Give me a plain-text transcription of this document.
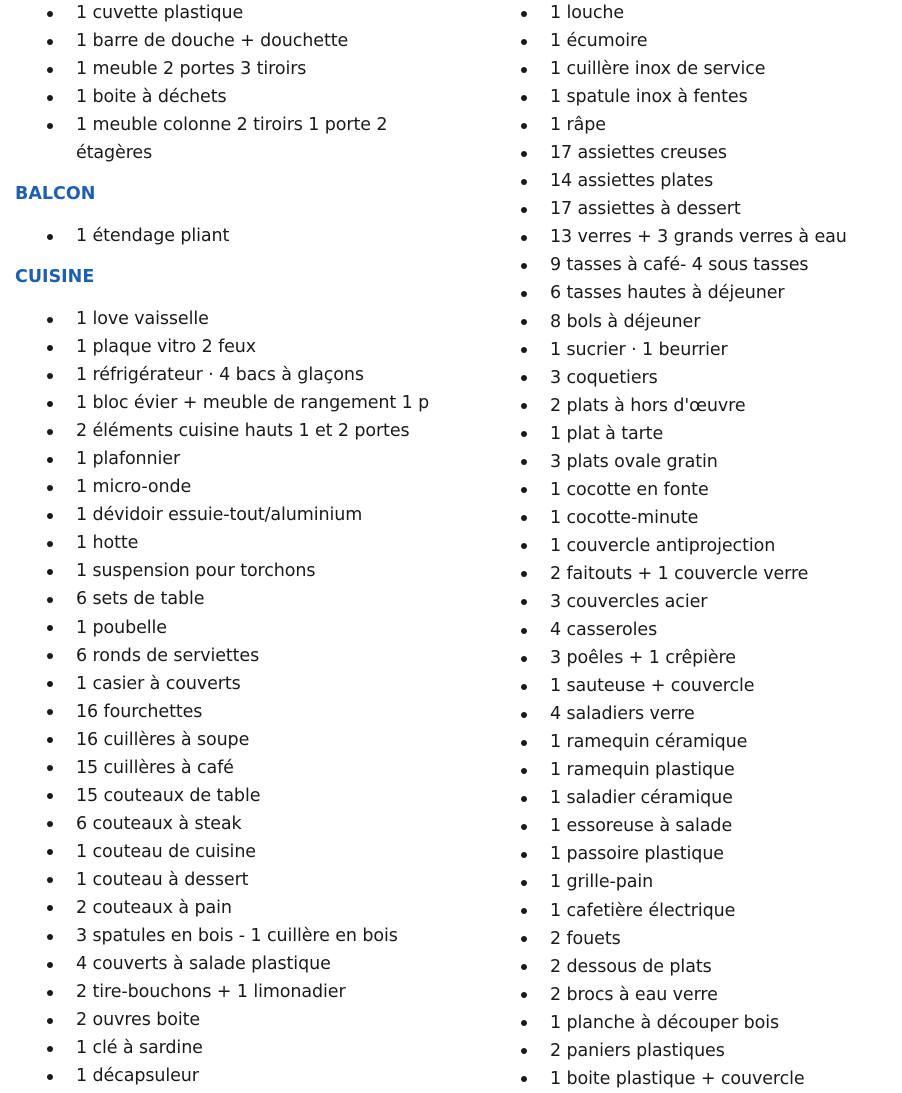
1 cuvette plastique
1 barre de douche + douchette
1 meuble 2 portes 3 tiroirs
1 boite à déchets
1 meuble colonne 2 tiroirs 1 porte 2 étagères
BALCON
1 étendage pliant
CUISINE
1 love vaisselle
1 plaque vitro 2 feux
1 réfrigérateur · 4 bacs à glaçons
1 bloc évier + meuble de rangement 1 p
2 éléments cuisine hauts 1 et 2 portes
1 plafonnier
1 micro-onde
1 dévidoir essuie-tout/aluminium
1 hotte
1 suspension pour torchons
6 sets de table
1 poubelle
6 ronds de serviettes
1 casier à couverts
16 fourchettes
16 cuillères à soupe
15 cuillères à café
15 couteaux de table
6 couteaux à steak
1 couteau de cuisine
1 couteau à dessert
2 couteaux à pain
3 spatules en bois - 1 cuillère en bois
4 couverts à salade plastique
2 tire-bouchons + 1 limonadier
2 ouvres boite
1 clé à sardine
1 décapsuleur
1 louche
1 écumoire
1 cuillère inox de service
1 spatule inox à fentes
1 râpe
17 assiettes creuses
14 assiettes plates
17 assiettes à dessert
13 verres + 3 grands verres à eau
9 tasses à café- 4 sous tasses
6 tasses hautes à déjeuner
8 bols à déjeuner
1 sucrier · 1 beurrier
3 coquetiers
2 plats à hors d'œuvre
1 plat à tarte
3 plats ovale gratin
1 cocotte en fonte
1 cocotte-minute
1 couvercle antiprojection
2 faitouts + 1 couvercle verre
3 couvercles acier
4 casseroles
3 poêles + 1 crêpière
1 sauteuse + couvercle
4 saladiers verre
1 ramequin céramique
1 ramequin plastique
1 saladier céramique
1 essoreuse à salade
1 passoire plastique
1 grille-pain
1 cafetière électrique
2 fouets
2 dessous de plats
2 brocs à eau verre
1 planche à découper bois
2 paniers plastiques
1 boite plastique + couvercle
